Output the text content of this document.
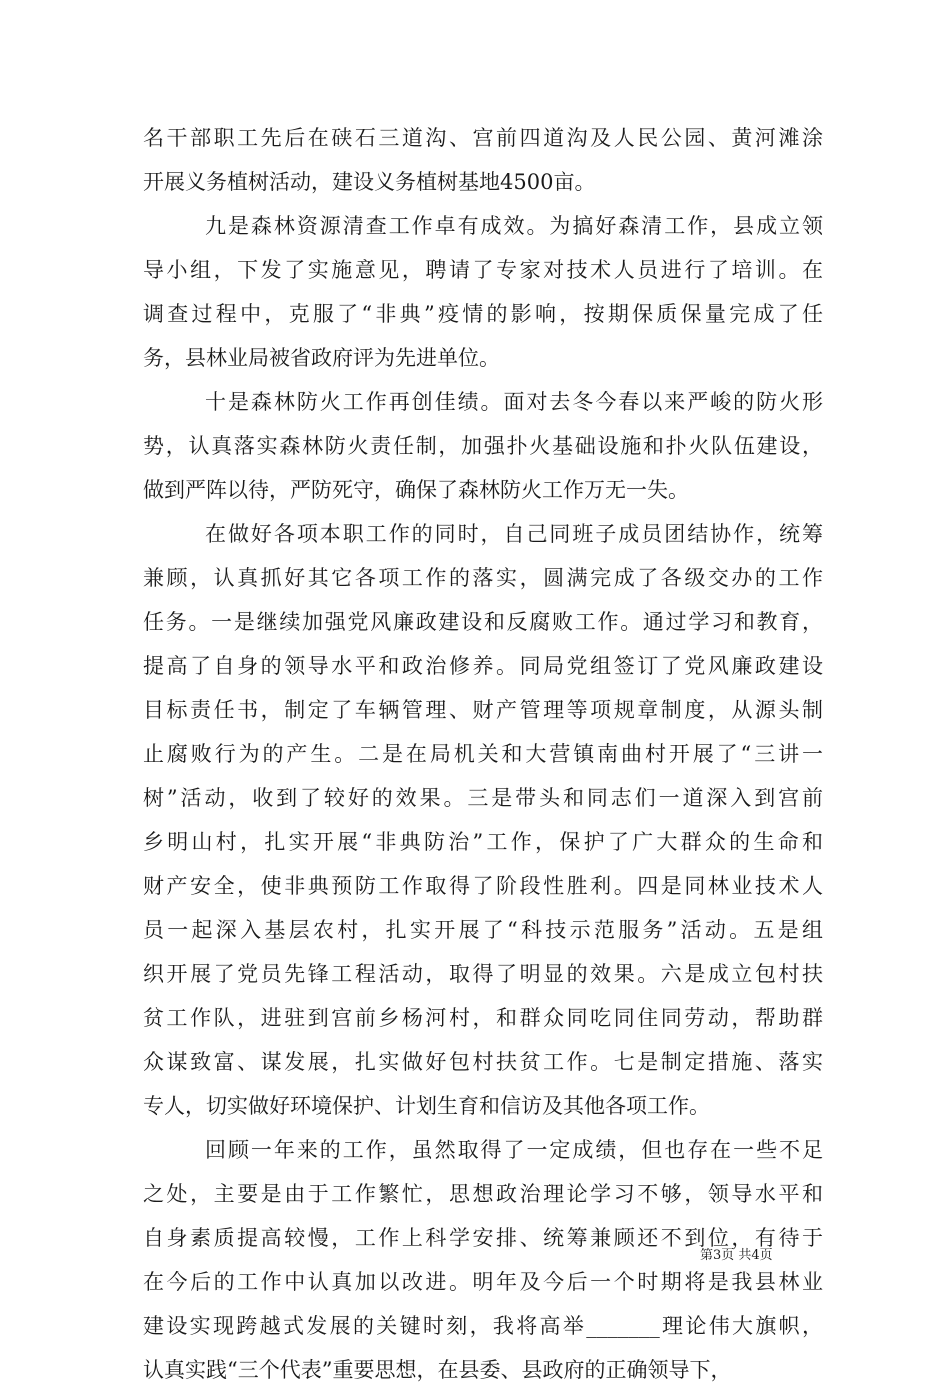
名干部职工先后在硖石三道沟、宫前四道沟及人民公园、黄河滩涂
开展义务植树活动，建设义务植树基地4500亩。
九是森林资源清查工作卓有成效。为搞好森清工作，县成立领
导小组，下发了实施意见，聘请了专家对技术人员进行了培训。在
调查过程中，克服了“非典”疫情的影响，按期保质保量完成了任
务，县林业局被省政府评为先进单位。
十是森林防火工作再创佳绩。面对去冬今春以来严峻的防火形
势，认真落实森林防火责任制，加强扑火基础设施和扑火队伍建设，
做到严阵以待，严防死守，确保了森林防火工作万无一失。
在做好各项本职工作的同时，自己同班子成员团结协作，统筹
兼顾，认真抓好其它各项工作的落实，圆满完成了各级交办的工作
任务。一是继续加强党风廉政建设和反腐败工作。通过学习和教育，
提高了自身的领导水平和政治修养。同局党组签订了党风廉政建设
目标责任书，制定了车辆管理、财产管理等项规章制度，从源头制
止腐败行为的产生。二是在局机关和大营镇南曲村开展了“三讲一
树”活动，收到了较好的效果。三是带头和同志们一道深入到宫前
乡明山村，扎实开展“非典防治”工作，保护了广大群众的生命和
财产安全，使非典预防工作取得了阶段性胜利。四是同林业技术人
员一起深入基层农村，扎实开展了“科技示范服务”活动。五是组
织开展了党员先锋工程活动，取得了明显的效果。六是成立包村扶
贫工作队，进驻到宫前乡杨河村，和群众同吃同住同劳动，帮助群
众谋致富、谋发展，扎实做好包村扶贫工作。七是制定措施、落实
专人，切实做好环境保护、计划生育和信访及其他各项工作。
回顾一年来的工作，虽然取得了一定成绩，但也存在一些不足
之处，主要是由于工作繁忙，思想政治理论学习不够，领导水平和
自身素质提高较慢，工作上科学安排、统筹兼顾还不到位，有待于
在今后的工作中认真加以改进。明年及今后一个时期将是我县林业
建设实现跨越式发展的关键时刻，我将高举_______理论伟大旗帜，
认真实践“三个代表”重要思想，在县委、县政府的正确领导下，
第3页 共4页
